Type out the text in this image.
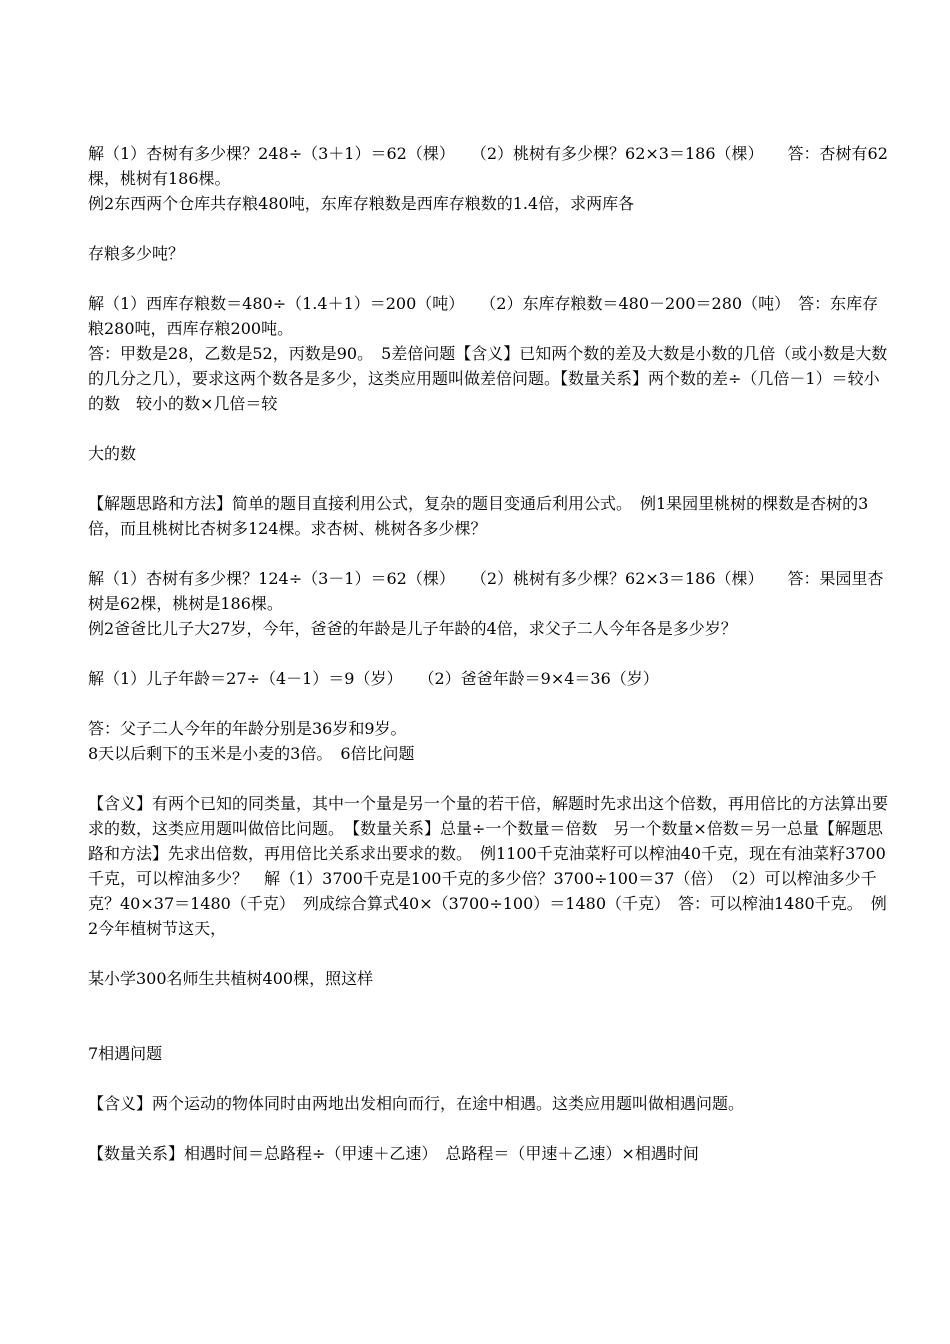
解（1）杏树有多少棵？248÷（3＋1）＝62（棵）　　（2）桃树有多少棵？62×3＝186（棵）　　答：杏树有62棵，桃树有186棵。

例2东西两个仓库共存粮480吨，东库存粮数是西库存粮数的1.4倍，求两库各

存粮多少吨？

解（1）西库存粮数＝480÷（1.4＋1）＝200（吨）　　（2）东库存粮数＝480－200＝280（吨）　答：东库存粮280吨，西库存粮200吨。

答：甲数是28，乙数是52，丙数是90。　5差倍问题【含义】已知两个数的差及大数是小数的几倍（或小数是大数的几分之几），要求这两个数各是多少，这类应用题叫做差倍问题。【数量关系】两个数的差÷（几倍－1）＝较小的数　较小的数×几倍＝较

大的数

【解题思路和方法】简单的题目直接利用公式，复杂的题目变通后利用公式。　例1果园里桃树的棵数是杏树的3倍，而且桃树比杏树多124棵。求杏树、桃树各多少棵？

解（1）杏树有多少棵？124÷（3－1）＝62（棵）　　（2）桃树有多少棵？62×3＝186（棵）　　答：果园里杏树是62棵，桃树是186棵。

例2爸爸比儿子大27岁，今年，爸爸的年龄是儿子年龄的4倍，求父子二人今年各是多少岁？

解（1）儿子年龄＝27÷（4－1）＝9（岁）　　（2）爸爸年龄＝9×4＝36（岁）

答：父子二人今年的年龄分别是36岁和9岁。

8天以后剩下的玉米是小麦的3倍。　6倍比问题

【含义】有两个已知的同类量，其中一个量是另一个量的若干倍，解题时先求出这个倍数，再用倍比的方法算出要求的数，这类应用题叫做倍比问题。　【数量关系】总量÷一个数量＝倍数　另一个数量×倍数＝另一总量【解题思路和方法】先求出倍数，再用倍比关系求出要求的数。　例1100千克油菜籽可以榨油40千克，现在有油菜籽3700千克，可以榨油多少？　解（1）3700千克是100千克的多少倍？3700÷100＝37（倍）　（2）可以榨油多少千克？40×37＝1480（千克）　列成综合算式40×（3700÷100）＝1480（千克）　答：可以榨油1480千克。　例2今年植树节这天，

某小学300名师生共植树400棵，照这样

7相遇问题

【含义】两个运动的物体同时由两地出发相向而行，在途中相遇。这类应用题叫做相遇问题。

【数量关系】相遇时间＝总路程÷（甲速＋乙速）　总路程＝（甲速＋乙速）×相遇时间
